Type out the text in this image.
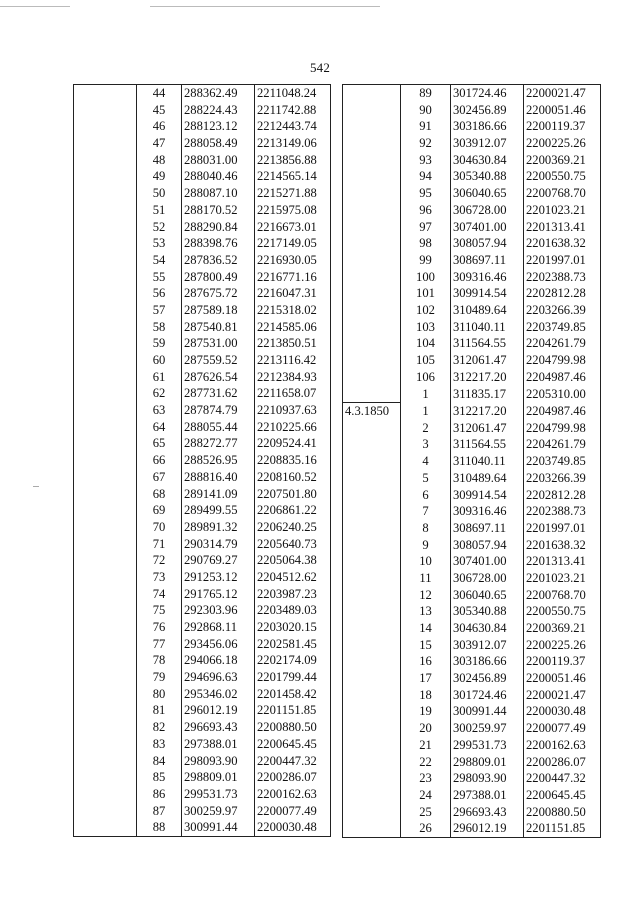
542
	44	288362.49	2211048.24
	45	288224.43	2211742.88
	46	288123.12	2212443.74
	47	288058.49	2213149.06
	48	288031.00	2213856.88
	49	288040.46	2214565.14
	50	288087.10	2215271.88
	51	288170.52	2215975.08
	52	288290.84	2216673.01
	53	288398.76	2217149.05
	54	287836.52	2216930.05
	55	287800.49	2216771.16
	56	287675.72	2216047.31
	57	287589.18	2215318.02
	58	287540.81	2214585.06
	59	287531.00	2213850.51
	60	287559.52	2213116.42
	61	287626.54	2212384.93
	62	287731.62	2211658.07
	63	287874.79	2210937.63
	64	288055.44	2210225.66
	65	288272.77	2209524.41
	66	288526.95	2208835.16
	67	288816.40	2208160.52
	68	289141.09	2207501.80
	69	289499.55	2206861.22
	70	289891.32	2206240.25
	71	290314.79	2205640.73
	72	290769.27	2205064.38
	73	291253.12	2204512.62
	74	291765.12	2203987.23
	75	292303.96	2203489.03
	76	292868.11	2203020.15
	77	293456.06	2202581.45
	78	294066.18	2202174.09
	79	294696.63	2201799.44
	80	295346.02	2201458.42
	81	296012.19	2201151.85
	82	296693.43	2200880.50
	83	297388.01	2200645.45
	84	298093.90	2200447.32
	85	298809.01	2200286.07
	86	299531.73	2200162.63
	87	300259.97	2200077.49
	88	300991.44	2200030.48
	89	301724.46	2200021.47
	90	302456.89	2200051.46
	91	303186.66	2200119.37
	92	303912.07	2200225.26
	93	304630.84	2200369.21
	94	305340.88	2200550.75
	95	306040.65	2200768.70
	96	306728.00	2201023.21
	97	307401.00	2201313.41
	98	308057.94	2201638.32
	99	308697.11	2201997.01
	100	309316.46	2202388.73
	101	309914.54	2202812.28
	102	310489.64	2203266.39
	103	311040.11	2203749.85
	104	311564.55	2204261.79
	105	312061.47	2204799.98
	106	312217.20	2204987.46
	1	311835.17	2205310.00
4.3.1850	1	312217.20	2204987.46
	2	312061.47	2204799.98
	3	311564.55	2204261.79
	4	311040.11	2203749.85
	5	310489.64	2203266.39
	6	309914.54	2202812.28
	7	309316.46	2202388.73
	8	308697.11	2201997.01
	9	308057.94	2201638.32
	10	307401.00	2201313.41
	11	306728.00	2201023.21
	12	306040.65	2200768.70
	13	305340.88	2200550.75
	14	304630.84	2200369.21
	15	303912.07	2200225.26
	16	303186.66	2200119.37
	17	302456.89	2200051.46
	18	301724.46	2200021.47
	19	300991.44	2200030.48
	20	300259.97	2200077.49
	21	299531.73	2200162.63
	22	298809.01	2200286.07
	23	298093.90	2200447.32
	24	297388.01	2200645.45
	25	296693.43	2200880.50
	26	296012.19	2201151.85
